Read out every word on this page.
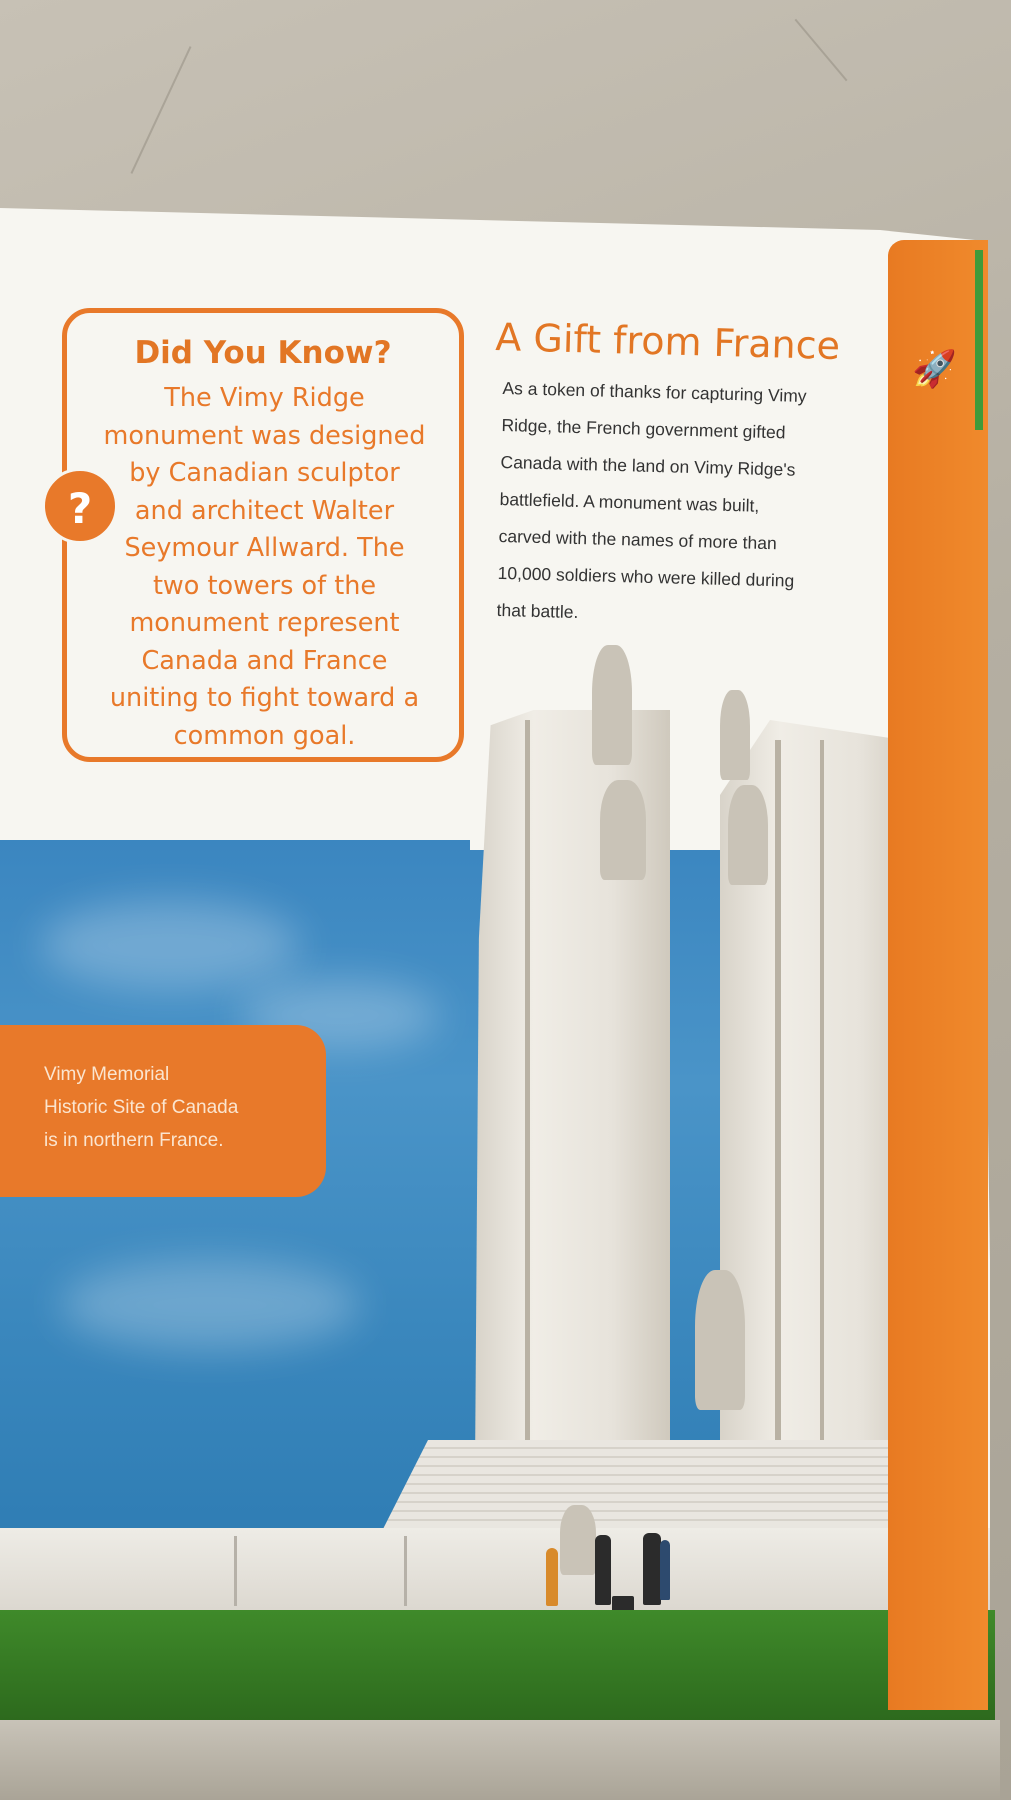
🚀
Did You Know?
The Vimy Ridge
monument was designed
by Canadian sculptor
and architect Walter
Seymour Allward. The
two towers of the
monument represent
Canada and France
uniting to fight toward a
common goal.
?
A Gift from France
As a token of thanks for capturing Vimy
Ridge, the French government gifted
Canada with the land on Vimy Ridge's
battlefield. A monument was built,
carved with the names of more than
10,000 soldiers who were killed during
that battle.
Vimy Memorial
Historic Site of Canada
is in northern France.
